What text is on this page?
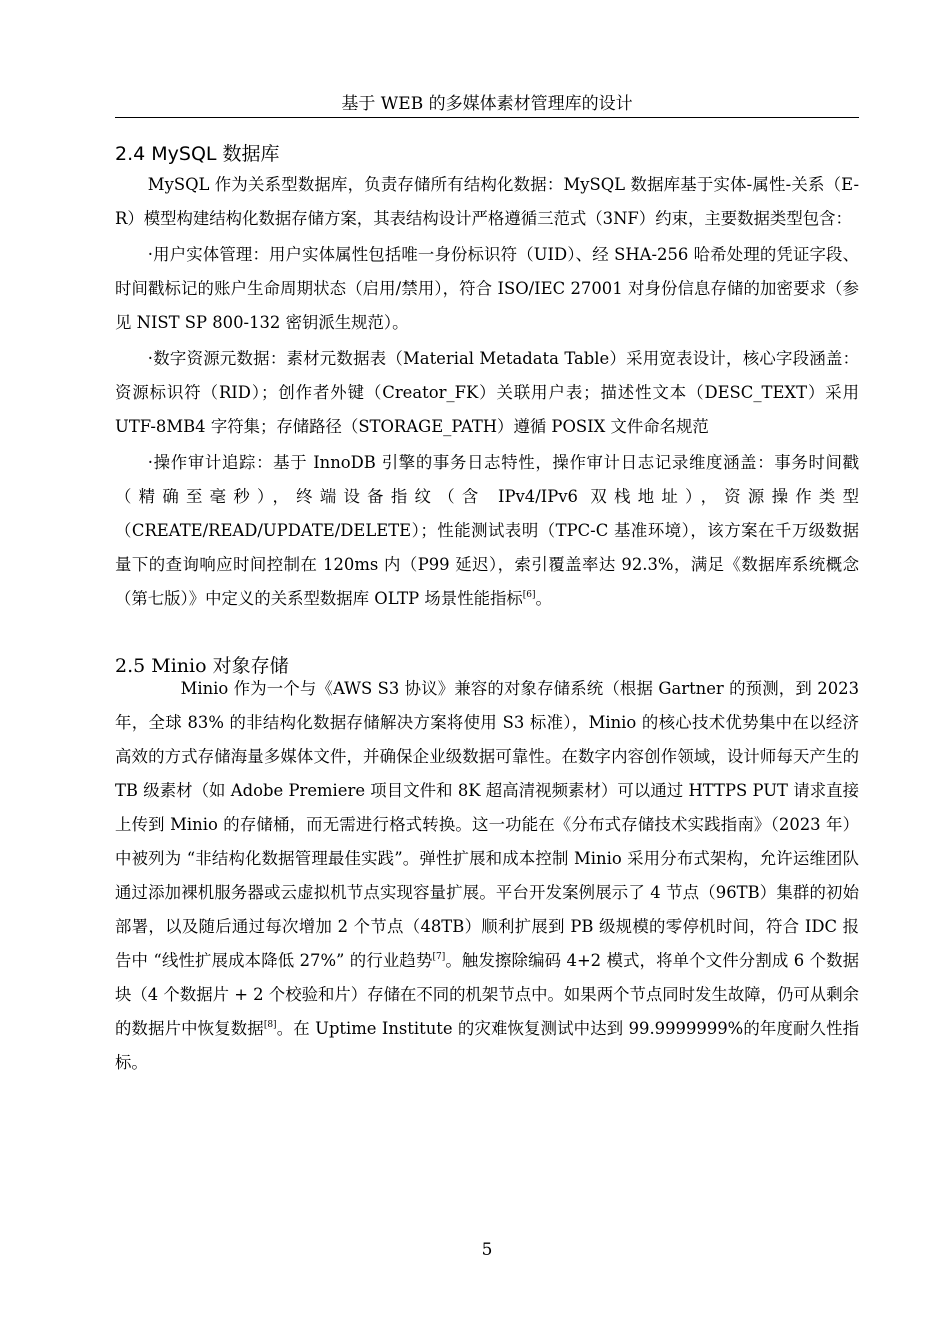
基于 WEB 的多媒体素材管理库的设计
2.4 MySQL 数据库

MySQL 作为关系型数据库，负责存储所有结构化数据：MySQL 数据库基于实体-属性-关系（E-R）模型构建结构化数据存储方案，其表结构设计严格遵循三范式（3NF）约束，主要数据类型包含：

·用户实体管理：用户实体属性包括唯一身份标识符（UID）、经 SHA-256 哈希处理的凭证字段、时间戳标记的账户生命周期状态（启用/禁用），符合 ISO/IEC 27001 对身份信息存储的加密要求（参见 NIST SP 800-132 密钥派生规范）。

·数字资源元数据：素材元数据表（Material Metadata Table）采用宽表设计，核心字段涵盖：资源标识符（RID）；创作者外键（Creator_FK）关联用户表；描述性文本（DESC_TEXT）采用 UTF-8MB4 字符集；存储路径（STORAGE_PATH）遵循 POSIX 文件命名规范

·操作审计追踪：基于 InnoDB 引擎的事务日志特性，操作审计日志记录维度涵盖：事务时间戳（精确至毫秒），终端设备指纹（含 IPv4/IPv6 双栈地址），资源操作类型（CREATE/READ/UPDATE/DELETE）；性能测试表明（TPC-C 基准环境），该方案在千万级数据量下的查询响应时间控制在 120ms 内（P99 延迟），索引覆盖率达 92.3%，满足《数据库系统概念（第七版）》中定义的关系型数据库 OLTP 场景性能指标[6]。

2.5 Minio 对象存储

Minio 作为一个与《AWS S3 协议》兼容的对象存储系统（根据 Gartner 的预测，到 2023 年，全球 83% 的非结构化数据存储解决方案将使用 S3 标准），Minio 的核心技术优势集中在以经济高效的方式存储海量多媒体文件，并确保企业级数据可靠性。在数字内容创作领域，设计师每天产生的 TB 级素材（如 Adobe Premiere 项目文件和 8K 超高清视频素材）可以通过 HTTPS PUT 请求直接上传到 Minio 的存储桶，而无需进行格式转换。这一功能在《分布式存储技术实践指南》（2023 年）中被列为 “非结构化数据管理最佳实践”。弹性扩展和成本控制 Minio 采用分布式架构，允许运维团队通过添加裸机服务器或云虚拟机节点实现容量扩展。平台开发案例展示了 4 节点（96TB）集群的初始部署，以及随后通过每次增加 2 个节点（48TB）顺利扩展到 PB 级规模的零停机时间，符合 IDC 报告中 “线性扩展成本降低 27%” 的行业趋势[7]。触发擦除编码 4+2 模式，将单个文件分割成 6 个数据块（4 个数据片 + 2 个校验和片）存储在不同的机架节点中。如果两个节点同时发生故障，仍可从剩余的数据片中恢复数据[8]。在 Uptime Institute 的灾难恢复测试中达到 99.9999999%的年度耐久性指标。

5
